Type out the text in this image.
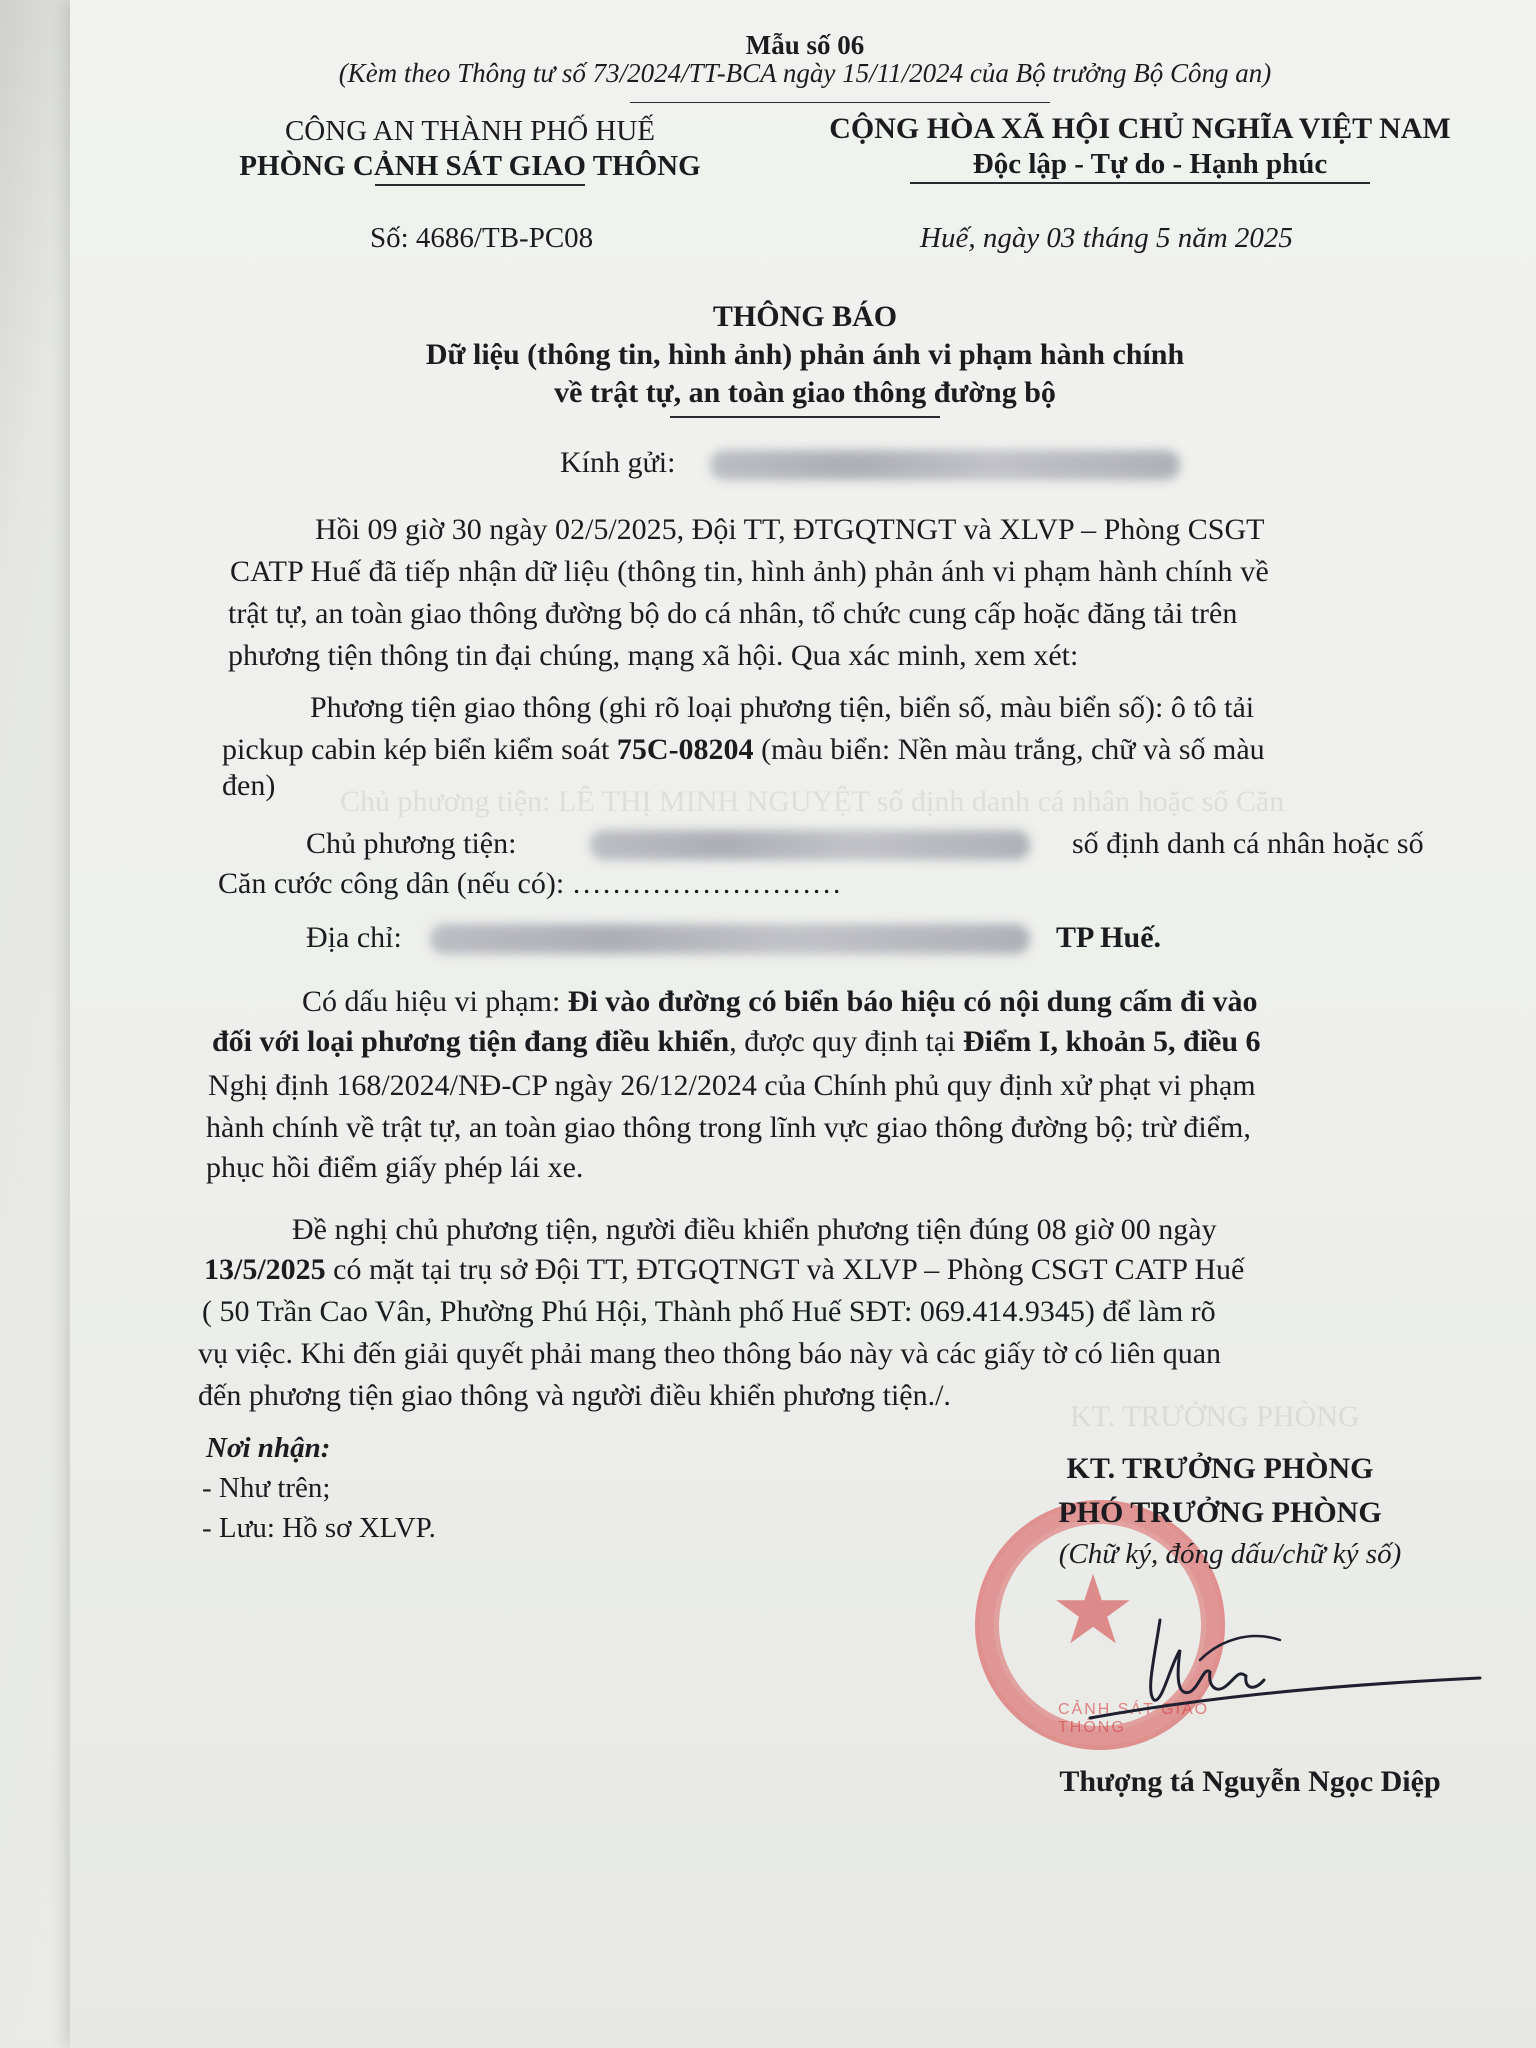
Chủ phương tiện: LÊ THỊ MINH NGUYỆT số định danh cá nhân hoặc số Căn
KT. TRƯỞNG PHÒNG
Mẫu số 06
(Kèm theo Thông tư số 73/2024/TT-BCA ngày 15/11/2024 của Bộ trưởng Bộ Công an)
CÔNG AN THÀNH PHỐ HUẾ
PHÒNG CẢNH SÁT GIAO THÔNG
CỘNG HÒA XÃ HỘI CHỦ NGHĨA VIỆT NAM
Độc lập - Tự do - Hạnh phúc
Số: 4686/TB-PC08	Huế, ngày 03 tháng 5 năm 2025
THÔNG BÁO
Dữ liệu (thông tin, hình ảnh) phản ánh vi phạm hành chính
về trật tự, an toàn giao thông đường bộ
Kính gửi:
Hồi 09 giờ 30 ngày 02/5/2025, Đội TT, ĐTGQTNGT và XLVP – Phòng CSGT
CATP Huế đã tiếp nhận dữ liệu (thông tin, hình ảnh) phản ánh vi phạm hành chính về
trật tự, an toàn giao thông đường bộ do cá nhân, tổ chức cung cấp hoặc đăng tải trên
phương tiện thông tin đại chúng, mạng xã hội. Qua xác minh, xem xét:
Phương tiện giao thông (ghi rõ loại phương tiện, biển số, màu biển số): ô tô tải
pickup cabin kép biển kiểm soát 75C-08204 (màu biển: Nền màu trắng, chữ và số màu
đen)
Chủ phương tiện:	số định danh cá nhân hoặc số
Căn cước công dân (nếu có): ………………………
Địa chỉ:	TP Huế.
Có dấu hiệu vi phạm: Đi vào đường có biển báo hiệu có nội dung cấm đi vào
đối với loại phương tiện đang điều khiển, được quy định tại Điểm I, khoản 5, điều 6
Nghị định 168/2024/NĐ-CP ngày 26/12/2024 của Chính phủ quy định xử phạt vi phạm
hành chính về trật tự, an toàn giao thông trong lĩnh vực giao thông đường bộ; trừ điểm,
phục hồi điểm giấy phép lái xe.
Đề nghị chủ phương tiện, người điều khiển phương tiện đúng 08 giờ 00 ngày
13/5/2025 có mặt tại trụ sở Đội TT, ĐTGQTNGT và XLVP – Phòng CSGT CATP Huế
( 50 Trần Cao Vân, Phường Phú Hội, Thành phố Huế SĐT: 069.414.9345) để làm rõ
vụ việc. Khi đến giải quyết phải mang theo thông báo này và các giấy tờ có liên quan
đến phương tiện giao thông và người điều khiển phương tiện./.
Nơi nhận:
- Như trên;
- Lưu: Hồ sơ XLVP.
★
CẢNH SÁT GIAO THÔNG
KT. TRƯỞNG PHÒNG
PHÓ TRƯỞNG PHÒNG
(Chữ ký, đóng dấu/chữ ký số)
Thượng tá Nguyễn Ngọc Diệp
